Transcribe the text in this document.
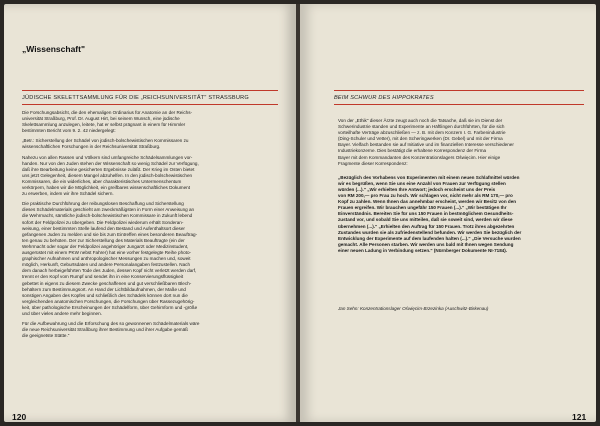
„Wissenschaft"
JÜDISCHE SKELETTSAMMLUNG FÜR DIE „REICHSUNIVERSITÄT" STRASSBURG
120
Die Forschungsabsicht, die den ehemaligen Ordinarius für Anatomie an der Reichs-
universität Straßburg, Prof. Dr. August Hirt, bei seinem Wunsch, eine jüdische
Skelettsammlung anzulegen, leitete, hat er selbst prägnant in einem für Himmler
bestimmten Bericht vom 9. 2. 42 niedergelegt:
„Betr.: Sicherstellung der Schädel von jüdisch-bolschewistischen Kommissaren zu
wissenschaftlichen Forschungen in der Reichsuniversität Straßburg.
Nahezu von allen Rassen und Völkern sind umfangreiche Schädelsammlungen vor-
handen. Nur von den Juden stehen der Wissenschaft so wenig Schädel zur Verfügung,
daß ihre Bearbeitung keine gesicherten Ergebnisse zuläßt. Der Krieg im Osten bietet
uns jetzt Gelegenheit, diesem Mangel abzuhelfen. In den jüdisch-bolschewistischen
Kommissaren, die ein widerliches, aber charakteristisches Untermenschentum
verkörpern, haben wir die Möglichkeit, ein greifbares wissenschaftliches Dokument
zu erwerben, indem wir ihre Schädel sichern.
Die praktische Durchführung der reibungslosen Beschaffung und Sicherstellung
dieses Schädelmaterials geschieht am zweckmäßigsten in Form einer Anweisung an
die Wehrmacht, sämtliche jüdisch-bolschewistischen Kommissare in Zukunft lebend
sofort der Feldpolizei zu übergeben. Die Feldpolizei wiederum erhält Sonderan-
weisung, einer bestimmten Stelle laufend den Bestand und Aufenthaltsort dieser
gefangenen Juden zu melden und sie bis zum Eintreffen eines besonderen Beauftrag-
ten genau zu behüten. Der zur Sicherstellung des Materials Beauftragte (ein der
Wehrmacht oder sogar der Feldpolizei angehöriger Jungarzt oder Medizinstudent,
ausgerüstet mit einem PKW nebst Fahrer) hat eine vorher festgelegte Reihe photo-
graphischer Aufnahmen und anthropologischer Messungen zu machen und, soweit
möglich, Herkunft, Geburtsdaten und andere Personalangaben festzustellen. Nach
dem danach herbeigeführten Tode des Juden, dessen Kopf nicht verletzt werden darf,
trennt er den Kopf vom Rumpf und sendet ihn in eine Konservierungsflüssigkeit
gebettet in eigens zu diesem Zwecke geschaffenen und gut verschließbaren Blech-
behältern zum Bestimmungsort. An Hand der Lichtbildaufnahmen, der Maße und
sonstigen Angaben des Kopfes und schließlich des Schädels können dort nun die
vergleichenden anatomischen Forschungen, die Forschungen über Rassezugehörig-
keit, über pathologische Erscheinungen der Schädelform, über Gehirnform und -größe
und über vieles andere mehr beginnen.
Für die Aufbewahrung und die Erforschung des so gewonnenen Schädelmaterials wäre
die neue Reichsuniversität Straßburg ihrer Bestimmung und ihrer Aufgabe gemäß
die geeignetste Stätte."
BEIM SCHWUR DES HIPPOKRATES
Jan Sehn: Konzentrationslager Oświęcim-Brzezinka (Auschwitz-Birkenau)
121
Von der „Ethik" dieser Ärzte zeugt auch noch die Tatsache, daß sie im Dienst der
Schwerindustrie standen und Experimente an Häftlingen durchführten, für die sich
vorteilhafte Verträge abzuschließen — z. B. mit dem Konzern I. G. Farbenindustrie
(Ding-Schuler und Vetter), mit den Scheringwerken (Dr. Gebel) und mit der Firma
Bayer. Vielfach bestanden sie auf Initiative und im finanziellen Interesse verschiedener
Industriekonzerne. Dies bestätigt die erhaltene Korrespondenz der Firma
Bayer mit dem Kommandanten des Konzentrationslagers Oświęcim. Hier einige
Fragmente dieser Korrespondenz:
„Bezüglich des Vorhabens von Experimenten mit einem neuen Schlafmittel würden
wir es begrüßen, wenn Sie uns eine Anzahl von Frauen zur Verfügung stellen
würden (...)." „Wir erhielten Ihre Antwort; jedoch erscheint uns der Preis
von RM 200,— pro Frau zu hoch. Wir schlagen vor, nicht mehr als RM 170,— pro
Kopf zu zahlen. Wenn Ihnen das annehmbar erscheint, werden wir Besitz von den
Frauen ergreifen. Wir brauchen ungefähr 150 Frauen (...)." „Wir bestätigen Ihr
Einverständnis. Bereiten Sie für uns 150 Frauen in bestmöglichem Gesundheits-
zustand vor, und sobald Sie uns mitteilen, daß sie soweit sind, werden wir diese
übernehmen (...)." „Erhielten den Auftrag für 150 Frauen. Trotz ihres abgezehrten
Zustandes wurden sie als zufriedenstellend befunden. Wir werden Sie bezüglich der
Entwicklung der Experimente auf dem laufenden halten (...)." „Die Versuche wurden
gemacht. Alle Personen starben. Wir werden uns bald mit Ihnen wegen Sendung
einer neuen Ladung in Verbindung setzen." (Nürnberger Dokumente NI-7184).
